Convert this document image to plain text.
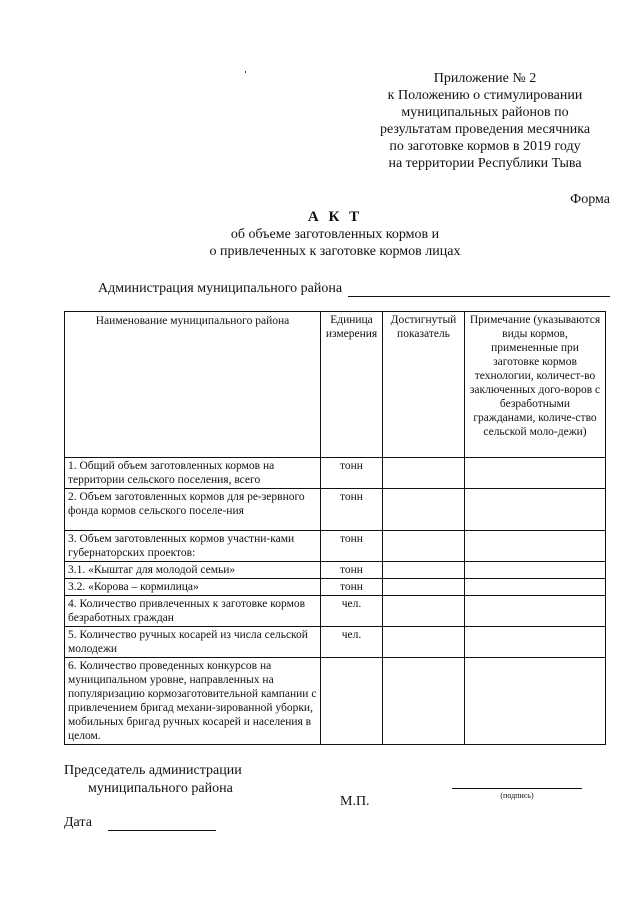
Приложение № 2
к Положению о стимулировании
муниципальных районов по
результатам проведения месячника
по заготовке кормов в 2019 году
на территории Республики Тыва
Форма
А К Т
об объеме заготовленных кормов и
о привлеченных к заготовке кормов лицах
Администрация муниципального района
Наименование муниципального района	Единица измерения	Достигнутый показатель	Примечание (указываются виды кормов, примененные при заготовке кормов технологии, количест-во заключенных дого-воров с безработными гражданами, количе-ство сельской моло-дежи)
1. Общий объем заготовленных кормов на территории сельского поселения, всего	тонн		
2. Объем заготовленных кормов для ре-зервного фонда кормов сельского поселе-ния	тонн		
3. Объем заготовленных кормов участни-ками губернаторских проектов:	тонн		
3.1. «Кыштаг для молодой семьи»	тонн		
3.2. «Корова – кормилица»	тонн		
4. Количество привлеченных к заготовке кормов безработных граждан	чел.		
5. Количество ручных косарей из числа сельской молодежи	чел.		
6. Количество проведенных конкурсов на муниципальном уровне, направленных на популяризацию кормозаготовительной кампании с привлечением бригад механи-зированной уборки, мобильных бригад ручных косарей и населения в целом.			
Председатель администрации
муниципального района
М.П.	(подпись)
Дата
